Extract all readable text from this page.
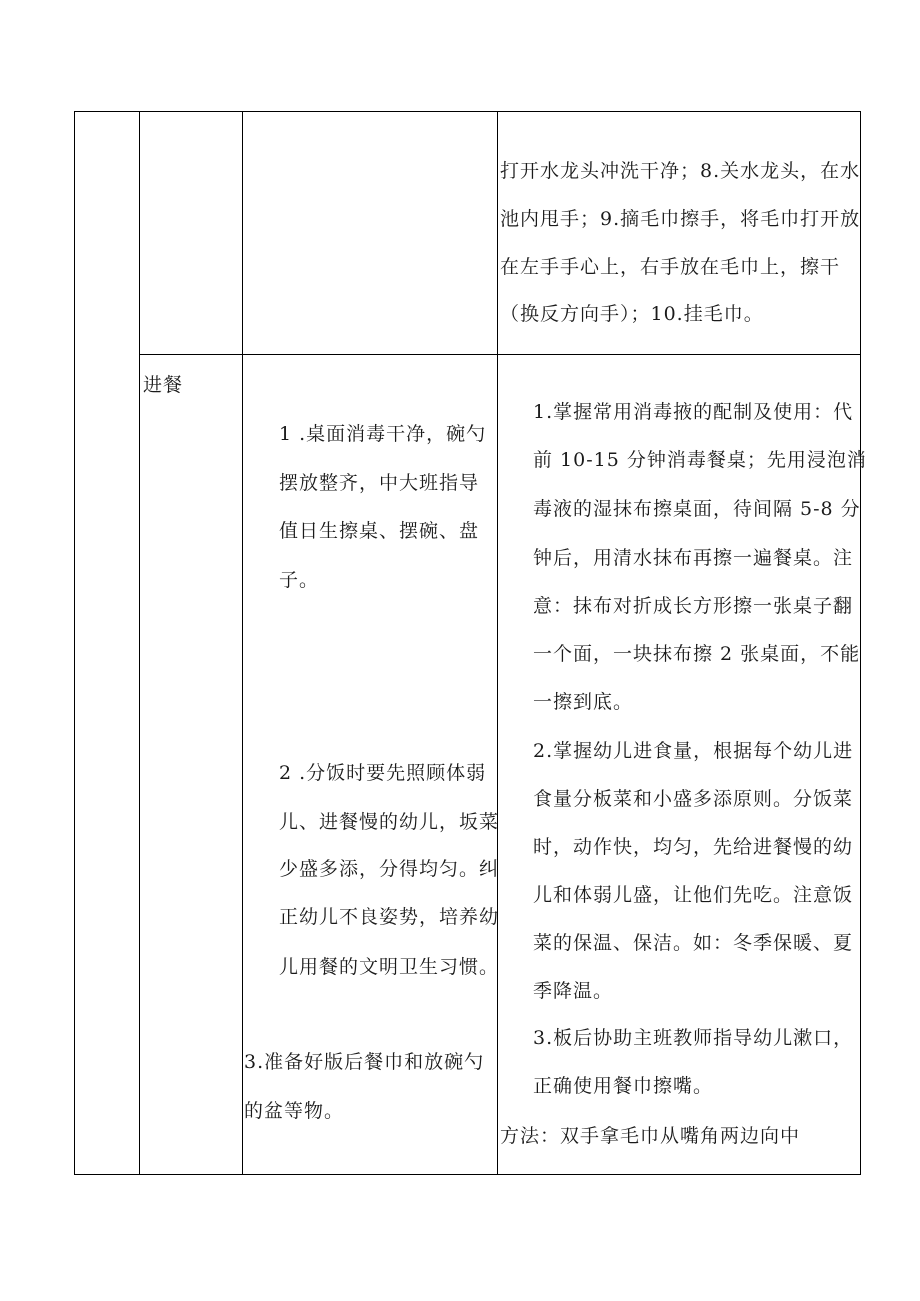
打开水龙头冲洗干净；8.关水龙头，在水
池内甩手；9.摘毛巾擦手，将毛巾打开放
在左手手心上，右手放在毛巾上，擦干
（换反方向手）；10.挂毛巾。
进餐
1 .桌面消毒干净，碗勺
摆放整齐，中大班指导
值日生擦桌、摆碗、盘
子。
2 .分饭时要先照顾体弱
儿、进餐慢的幼儿，坂菜
少盛多添，分得均匀。纠
正幼儿不良姿势，培养幼
儿用餐的文明卫生习惯。
3.准备好版后餐巾和放碗勺
的盆等物。
1.掌握常用消毒掖的配制及使用：代
前 10-15 分钟消毒餐桌；先用浸泡消
毒液的湿抹布擦桌面，待间隔 5-8 分
钟后，用清水抹布再擦一遍餐桌。注
意：抹布对折成长方形擦一张桌子翻
一个面，一块抹布擦 2 张桌面，不能
一擦到底。
2.掌握幼儿进食量，根据每个幼儿进
食量分板菜和小盛多添原则。分饭菜
时，动作快，均匀，先给进餐慢的幼
儿和体弱儿盛，让他们先吃。注意饭
菜的保温、保洁。如：冬季保暖、夏
季降温。
3.板后协助主班教师指导幼儿漱口，
正确使用餐巾擦嘴。
方法：双手拿毛巾从嘴角两边向中
